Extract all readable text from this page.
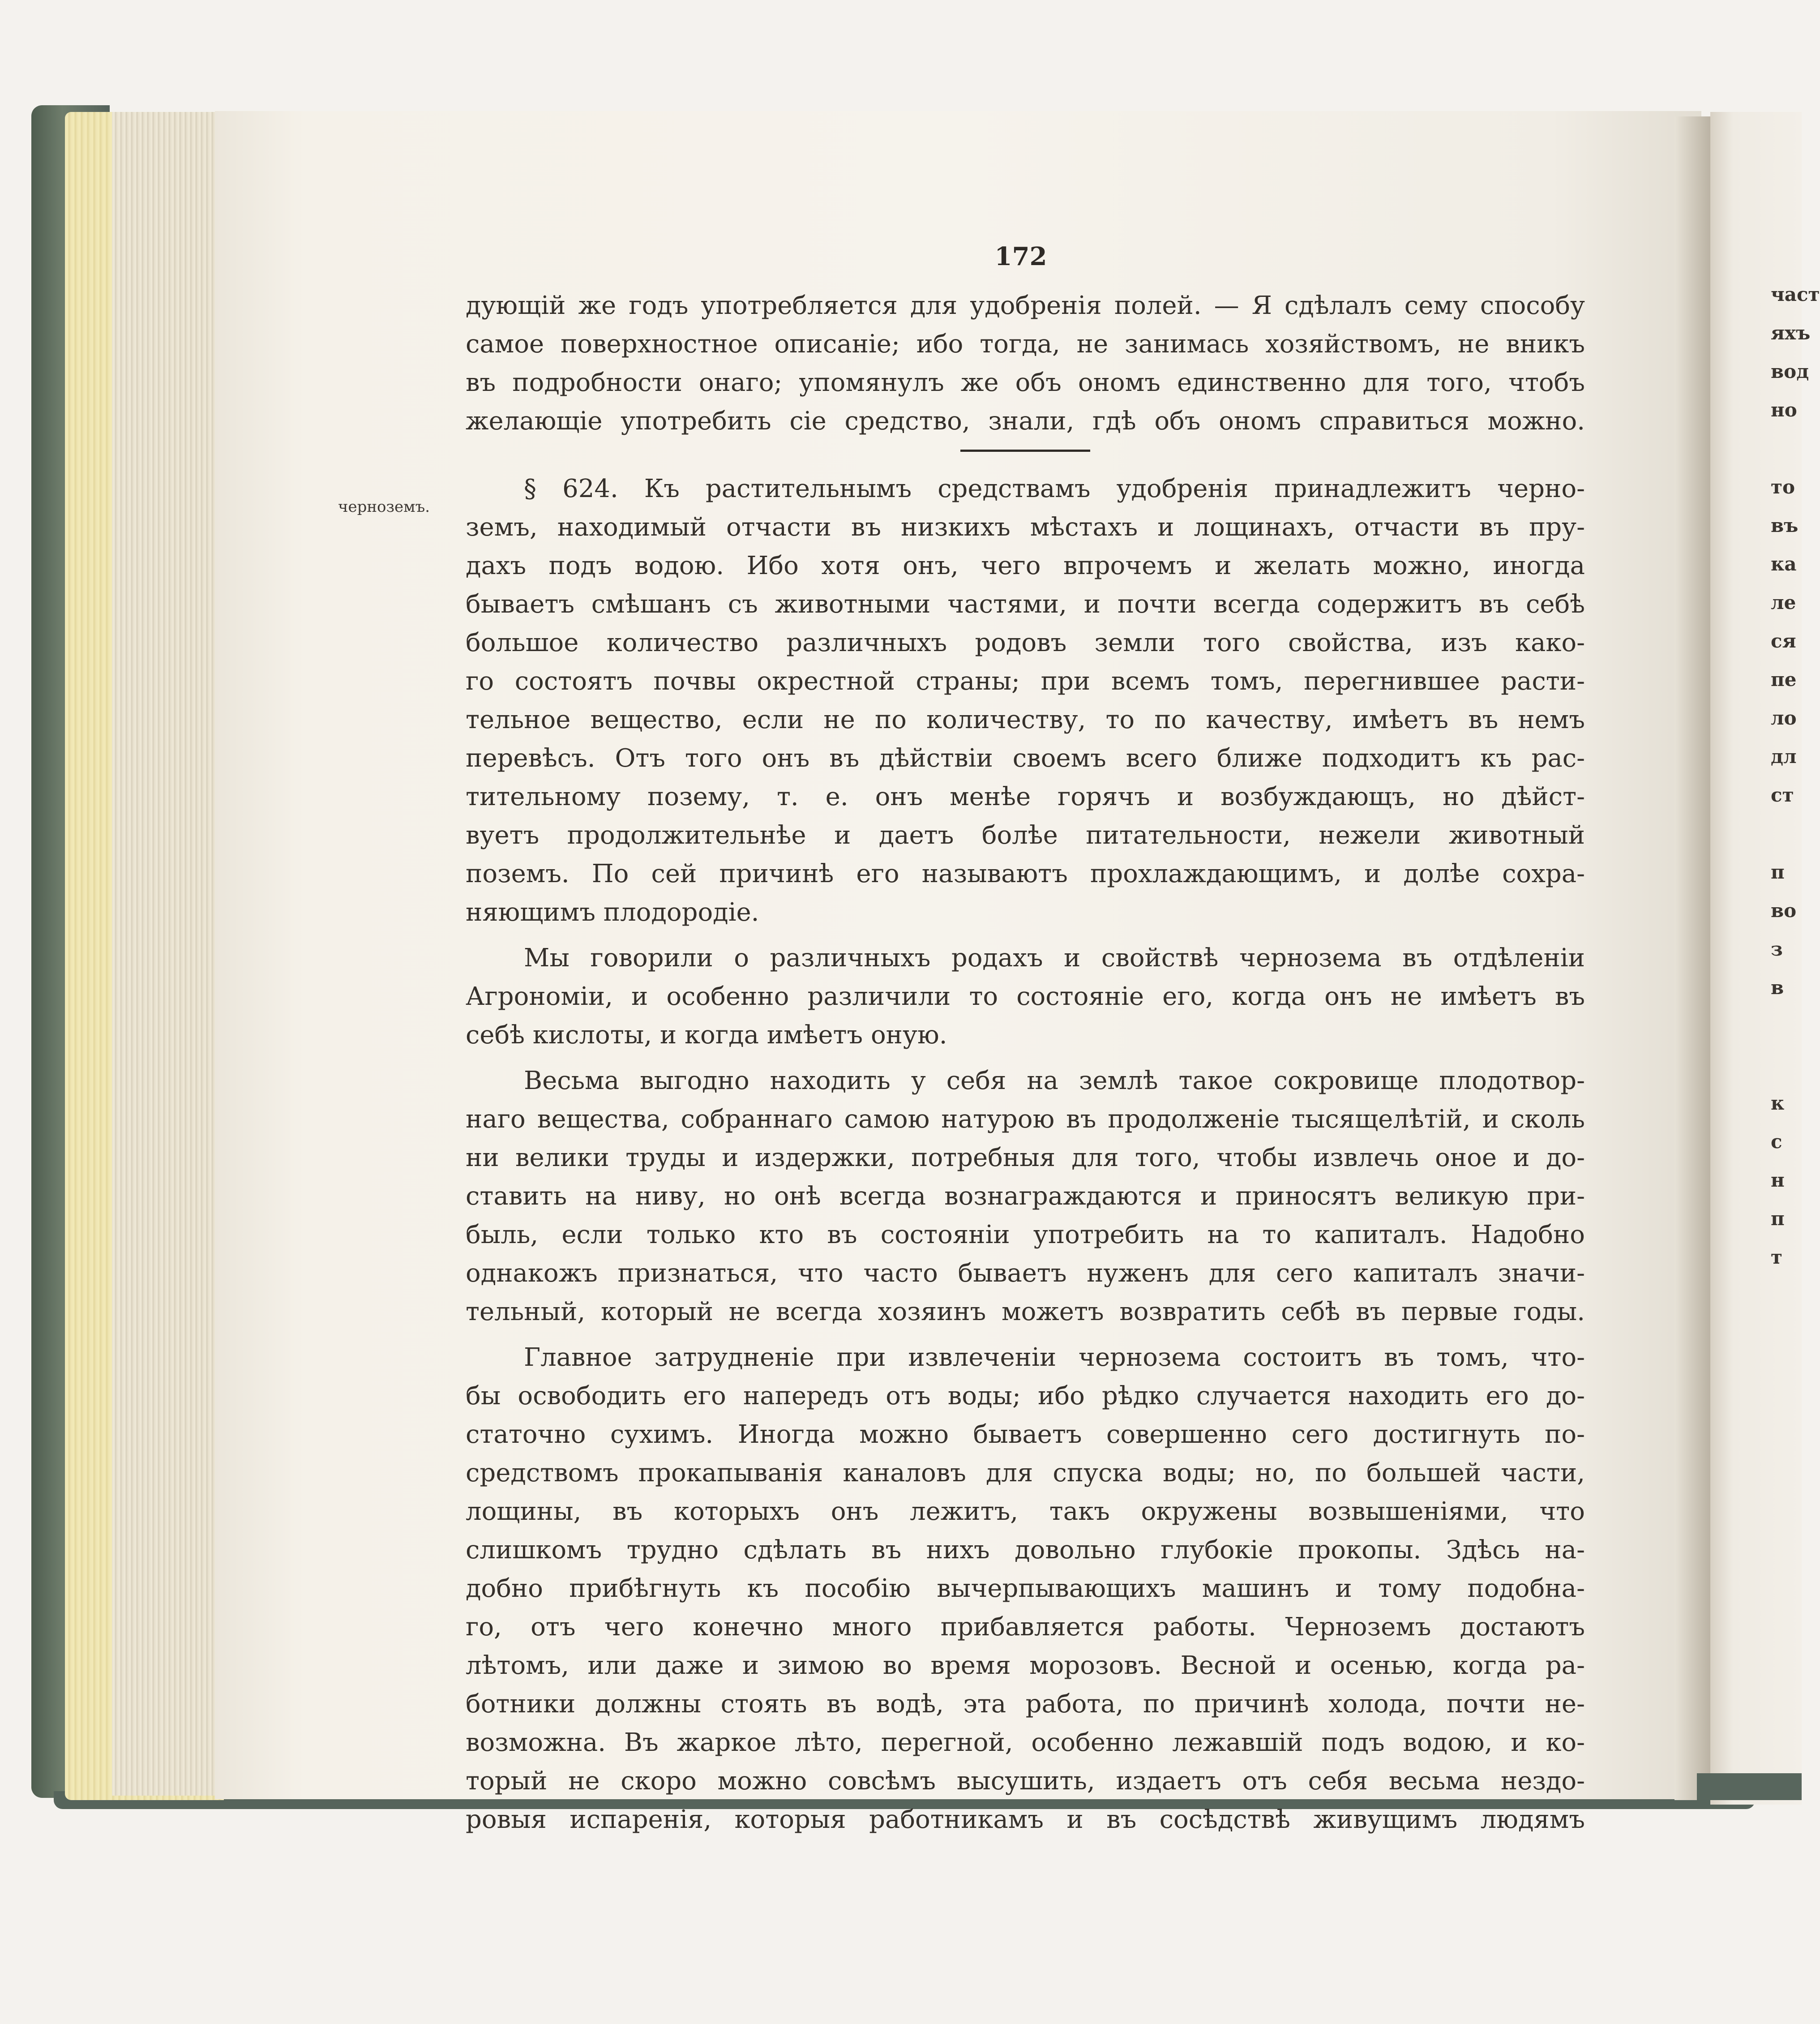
172
черноземъ.
дующій же годъ употребляется для удобренія полей. — Я сдѣлалъ сему способу
самое поверхностное описаніе; ибо тогда, не занимась хозяйствомъ, не вникъ
въ подробности онаго; упомянулъ же объ ономъ единственно для того, чтобъ
желающіе употребить сіе средство, знали, гдѣ объ ономъ справиться можно.
§ 624. Къ растительнымъ средствамъ удобренія принадлежитъ черно-
земъ, находимый отчасти въ низкихъ мѣстахъ и лощинахъ, отчасти въ пру-
дахъ подъ водою. Ибо хотя онъ, чего впрочемъ и желать можно, иногда
бываетъ смѣшанъ съ животными частями, и почти всегда содержитъ въ себѣ
большое количество различныхъ родовъ земли того свойства, изъ како-
го состоятъ почвы окрестной страны; при всемъ томъ, перегнившее расти-
тельное вещество, если не по количеству, то по качеству, имѣетъ въ немъ
перевѣсъ. Отъ того онъ въ дѣйствіи своемъ всего ближе подходитъ къ рас-
тительному позему, т. е. онъ менѣе горячъ и возбуждающъ, но дѣйст-
вуетъ продолжительнѣе и даетъ болѣе питательности, нежели животный
поземъ. По сей причинѣ его называютъ прохлаждающимъ, и долѣе сохра-
няющимъ плодородіе.
Мы говорили о различныхъ родахъ и свойствѣ чернозема въ отдѣленіи
Агрономіи, и особенно различили то состояніе его, когда онъ не имѣетъ въ
себѣ кислоты, и когда имѣетъ оную.
Весьма выгодно находить у себя на землѣ такое сокровище плодотвор-
наго вещества, собраннаго самою натурою въ продолженіе тысящелѣтій, и сколь
ни велики труды и издержки, потребныя для того, чтобы извлечь оное и до-
ставить на ниву, но онѣ всегда вознаграждаются и приносятъ великую при-
быль, если только кто въ состояніи употребить на то капиталъ. Надобно
однакожъ признаться, что часто бываетъ нуженъ для сего капиталъ значи-
тельный, который не всегда хозяинъ можетъ возвратить себѣ въ первые годы.
Главное затрудненіе при извлеченіи чернозема состоитъ въ томъ, что-
бы освободить его напередъ отъ воды; ибо рѣдко случается находить его до-
статочно сухимъ. Иногда можно бываетъ совершенно сего достигнуть по-
средствомъ прокапыванія каналовъ для спуска воды; но, по большей части,
лощины, въ которыхъ онъ лежитъ, такъ окружены возвышеніями, что
слишкомъ трудно сдѣлать въ нихъ довольно глубокіе прокопы. Здѣсь на-
добно прибѣгнуть къ пособію вычерпывающихъ машинъ и тому подобна-
го, отъ чего конечно много прибавляется работы. Черноземъ достаютъ
лѣтомъ, или даже и зимою во время морозовъ. Весной и осенью, когда ра-
ботники должны стоять въ водѣ, эта работа, по причинѣ холода, почти не-
возможна. Въ жаркое лѣто, перегной, особенно лежавшій подъ водою, и ко-
торый не скоро можно совсѣмъ высушить, издаетъ отъ себя весьма нездо-
ровыя испаренія, которыя работникамъ и въ сосѣдствѣ живущимъ людямъ
част
яхъ
вод
но
то
въ
ка
ле
ся
пе
ло
дл
ст
п
во
з
в
к
с
н
п
т
